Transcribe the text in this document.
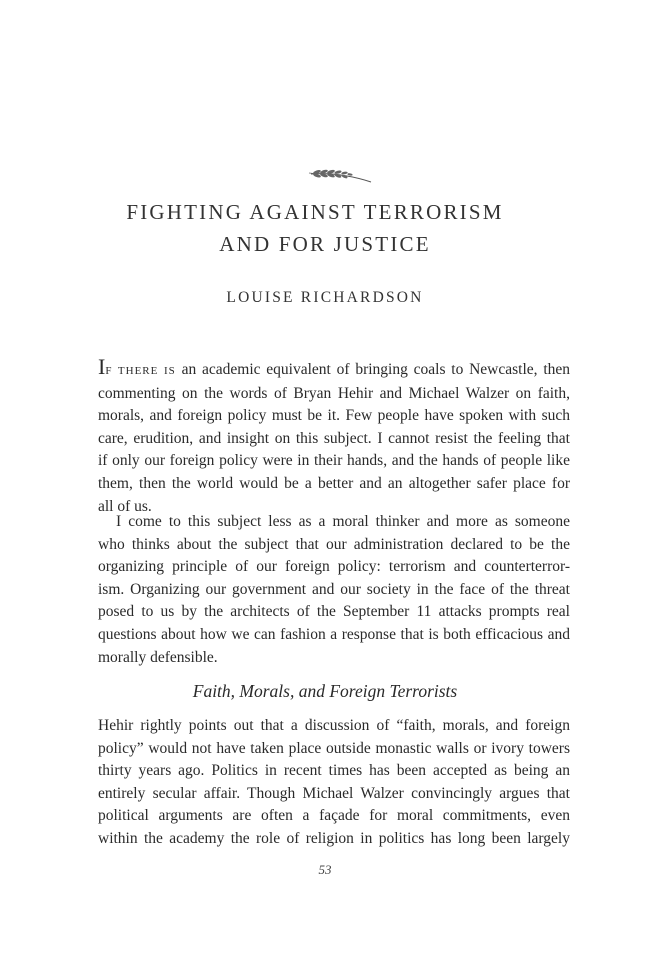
FIGHTING AGAINST TERRORISM
AND FOR JUSTICE
LOUISE RICHARDSON
IF THERE IS an academic equivalent of bringing coals to Newcastle, then
commenting on the words of Bryan Hehir and Michael Walzer on faith,
morals, and foreign policy must be it. Few people have spoken with such
care, erudition, and insight on this subject. I cannot resist the feeling that
if only our foreign policy were in their hands, and the hands of people like
them, then the world would be a better and an altogether safer place for
all of us.
I come to this subject less as a moral thinker and more as someone
who thinks about the subject that our administration declared to be the
organizing principle of our foreign policy: terrorism and counterterror-
ism. Organizing our government and our society in the face of the threat
posed to us by the architects of the September 11 attacks prompts real
questions about how we can fashion a response that is both efficacious and
morally defensible.
Faith, Morals, and Foreign Terrorists
Hehir rightly points out that a discussion of “faith, morals, and foreign
policy” would not have taken place outside monastic walls or ivory towers
thirty years ago. Politics in recent times has been accepted as being an
entirely secular affair. Though Michael Walzer convincingly argues that
political arguments are often a façade for moral commitments, even
within the academy the role of religion in politics has long been largely
53
